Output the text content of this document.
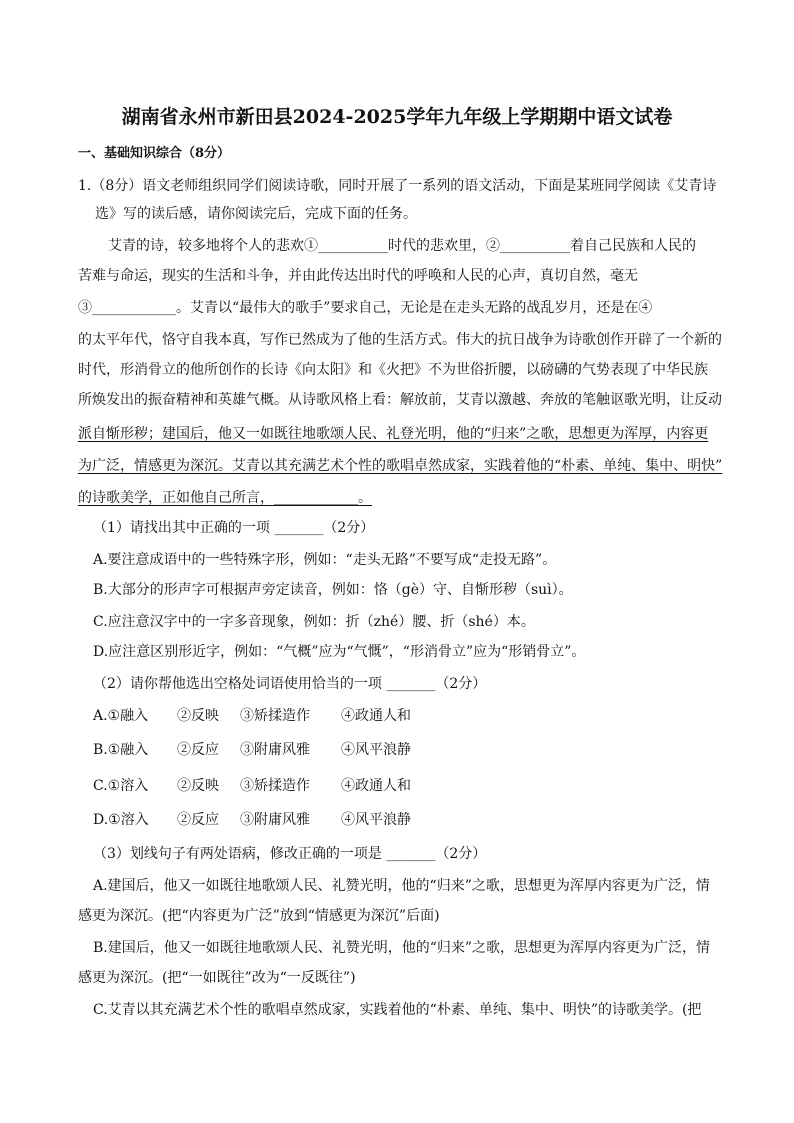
湖南省永州市新田县2024-2025学年九年级上学期期中语文试卷
一、基础知识综合（8分）
1.（8分）语文老师组织同学们阅读诗歌，同时开展了一系列的语文活动，下面是某班同学阅读《艾青诗
选》写的读后感，请你阅读完后，完成下面的任务。
艾青的诗，较多地将个人的悲欢①__________时代的悲欢里，②__________着自己民族和人民的
苦难与命运，现实的生活和斗争，并由此传达出时代的呼唤和人民的心声，真切自然，毫无
③____________。艾青以“最伟大的歌手”要求自己，无论是在走头无路的战乱岁月，还是在④
的太平年代，恪守自我本真，写作已然成为了他的生活方式。伟大的抗日战争为诗歌创作开辟了一个新的
时代，形消骨立的他所创作的长诗《向太阳》和《火把》不为世俗折腰，以磅礴的气势表现了中华民族
所焕发出的振奋精神和英雄气概。从诗歌风格上看：解放前，艾青以激越、奔放的笔触讴歌光明，让反动
派自惭形秽；建国后，他又一如既往地歌颂人民、礼登光明，他的“归来”之歌，思想更为浑厚，内容更
为广泛，情感更为深沉。艾青以其充满艺术个性的歌唱卓然成家，实践着他的“朴素、单纯、集中、明快”
的诗歌美学，正如他自己所言，____________。
（1）请找出其中正确的一项 _______（2分）
A.要注意成语中的一些特殊字形，例如：“走头无路”不要写成“走投无路”。
B.大部分的形声字可根据声旁定读音，例如：恪（gè）守、自惭形秽（suì）。
C.应注意汉字中的一字多音现象，例如：折（zhé）腰、折（shé）本。
D.应注意区别形近字，例如：“气概”应为“气慨”，“形消骨立”应为“形销骨立”。
（2）请你帮他选出空格处词语使用恰当的一项 _______（2分）
A.①融入 ②反映 ③矫揉造作 ④政通人和
B.①融入 ②反应 ③附庸风雅 ④风平浪静
C.①溶入 ②反映 ③矫揉造作 ④政通人和
D.①溶入 ②反应 ③附庸风雅 ④风平浪静
（3）划线句子有两处语病，修改正确的一项是 _______（2分）
A.建国后，他又一如既往地歌颂人民、礼赞光明，他的“归来”之歌，思想更为浑厚内容更为广泛，情
感更为深沉。(把“内容更为广泛”放到“情感更为深沉”后面)
B.建国后，他又一如既往地歌颂人民、礼赞光明，他的“归来”之歌，思想更为浑厚内容更为广泛，情
感更为深沉。(把“一如既往”改为“一反既往”)
C.艾青以其充满艺术个性的歌唱卓然成家，实践着他的“朴素、单纯、集中、明快”的诗歌美学。(把
